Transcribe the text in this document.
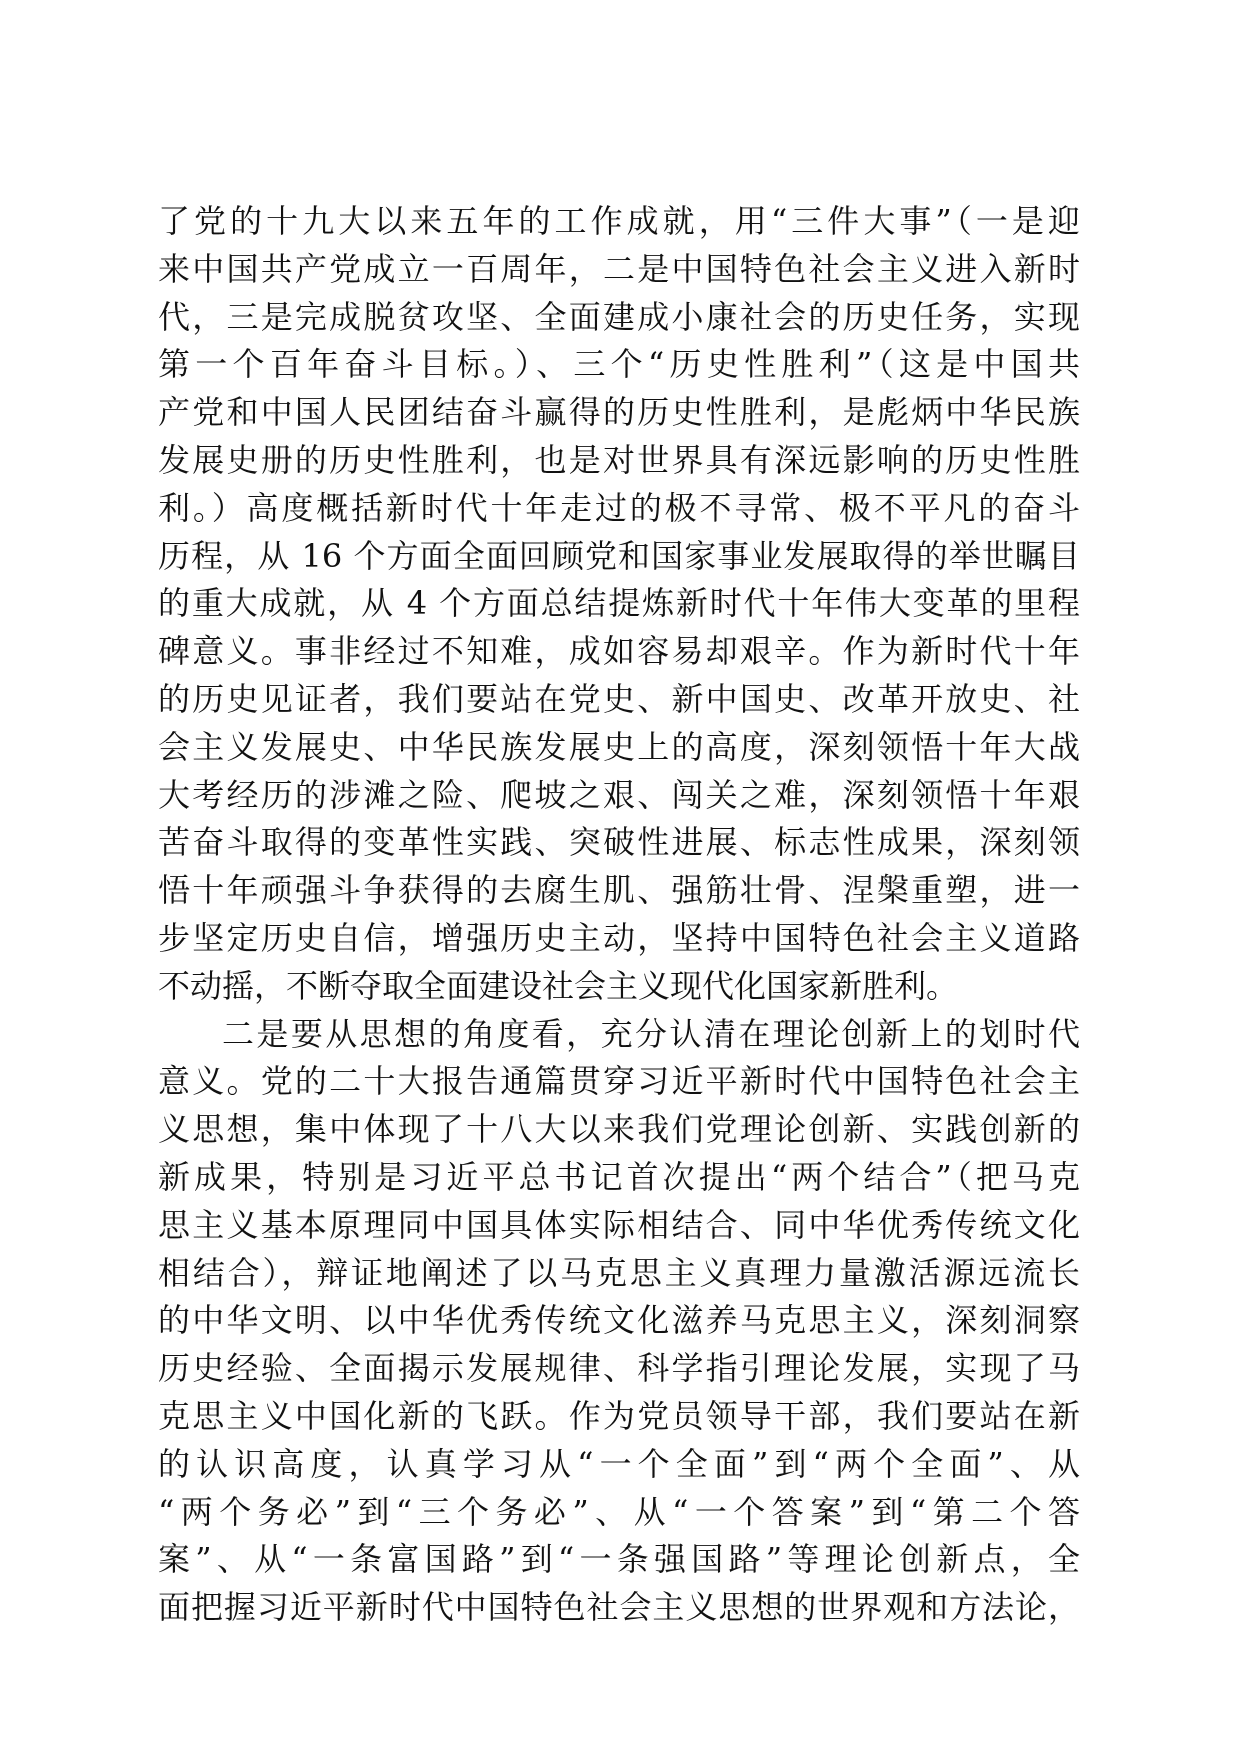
了党的十九大以来五年的工作成就，用“三件大事”（一是迎
来中国共产党成立一百周年，二是中国特色社会主义进入新时
代，三是完成脱贫攻坚、全面建成小康社会的历史任务，实现
第一个百年奋斗目标。）、三个“历史性胜利”（这是中国共
产党和中国人民团结奋斗赢得的历史性胜利，是彪炳中华民族
发展史册的历史性胜利，也是对世界具有深远影响的历史性胜
利。）高度概括新时代十年走过的极不寻常、极不平凡的奋斗
历程，从 16 个方面全面回顾党和国家事业发展取得的举世瞩目
的重大成就，从 4 个方面总结提炼新时代十年伟大变革的里程
碑意义。事非经过不知难，成如容易却艰辛。作为新时代十年
的历史见证者，我们要站在党史、新中国史、改革开放史、社
会主义发展史、中华民族发展史上的高度，深刻领悟十年大战
大考经历的涉滩之险、爬坡之艰、闯关之难，深刻领悟十年艰
苦奋斗取得的变革性实践、突破性进展、标志性成果，深刻领
悟十年顽强斗争获得的去腐生肌、强筋壮骨、涅槃重塑，进一
步坚定历史自信，增强历史主动，坚持中国特色社会主义道路
不动摇，不断夺取全面建设社会主义现代化国家新胜利。
二是要从思想的角度看，充分认清在理论创新上的划时代
意义。党的二十大报告通篇贯穿习近平新时代中国特色社会主
义思想，集中体现了十八大以来我们党理论创新、实践创新的
新成果，特别是习近平总书记首次提出“两个结合”（把马克
思主义基本原理同中国具体实际相结合、同中华优秀传统文化
相结合），辩证地阐述了以马克思主义真理力量激活源远流长
的中华文明、以中华优秀传统文化滋养马克思主义，深刻洞察
历史经验、全面揭示发展规律、科学指引理论发展，实现了马
克思主义中国化新的飞跃。作为党员领导干部，我们要站在新
的认识高度，认真学习从“一个全面”到“两个全面”、从
“两个务必”到“三个务必”、从“一个答案”到“第二个答
案”、从“一条富国路”到“一条强国路”等理论创新点，全
面把握习近平新时代中国特色社会主义思想的世界观和方法论，
